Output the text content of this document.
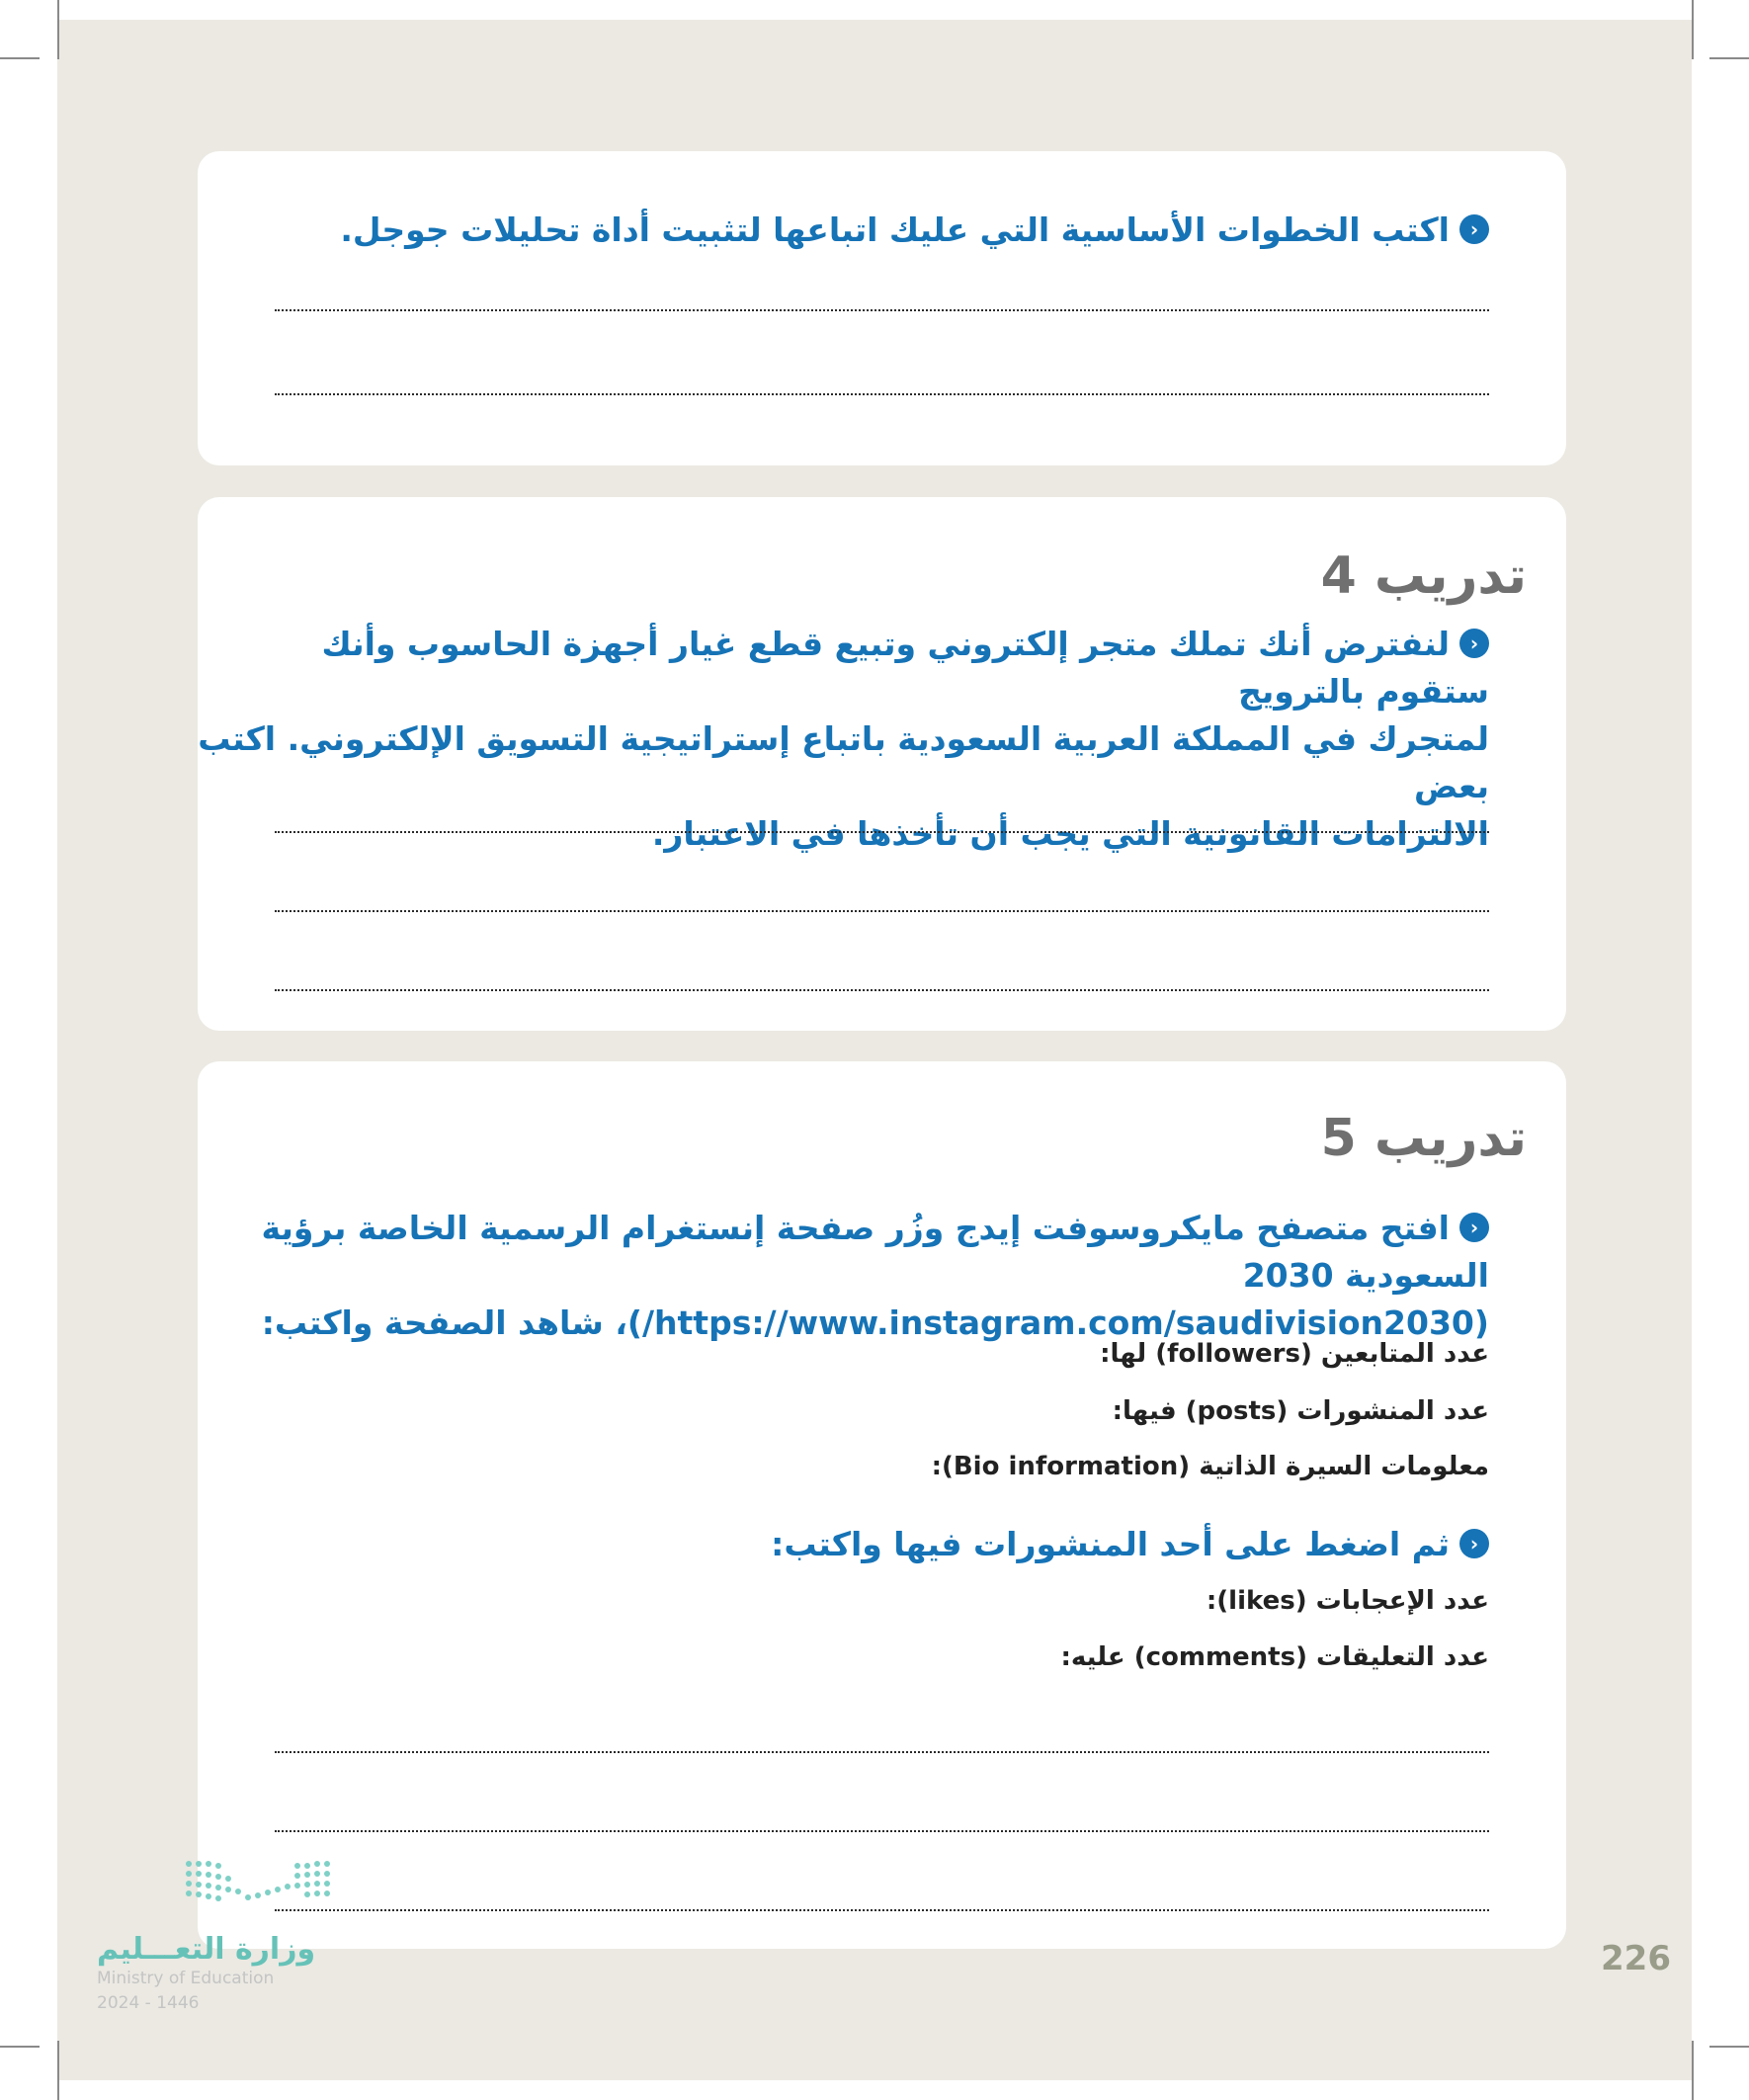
‹اكتب الخطوات الأساسية التي عليك اتباعها لتثبيت أداة تحليلات جوجل.
تدريب 4
‹لنفترض أنك تملك متجر إلكتروني وتبيع قطع غيار أجهزة الحاسوب وأنك ستقوم بالترويج
لمتجرك في المملكة العربية السعودية باتباع إستراتيجية التسويق الإلكتروني. اكتب بعض
الالتزامات القانونية التي يجب أن تأخذها في الاعتبار.
تدريب 5
‹افتح متصفح مايكروسوفت إيدج وزُر صفحة إنستغرام الرسمية الخاصة برؤية السعودية 2030
(https://www.instagram.com/saudivision2030/)، شاهد الصفحة واكتب:
عدد المتابعين (followers) لها:
عدد المنشورات (posts) فيها:
معلومات السيرة الذاتية (Bio information):
‹ثم اضغط على أحد المنشورات فيها واكتب:
عدد الإعجابات (likes):
عدد التعليقات (comments) عليه:
وزارة التعـــليم
Ministry of Education
2024 - 1446
226
